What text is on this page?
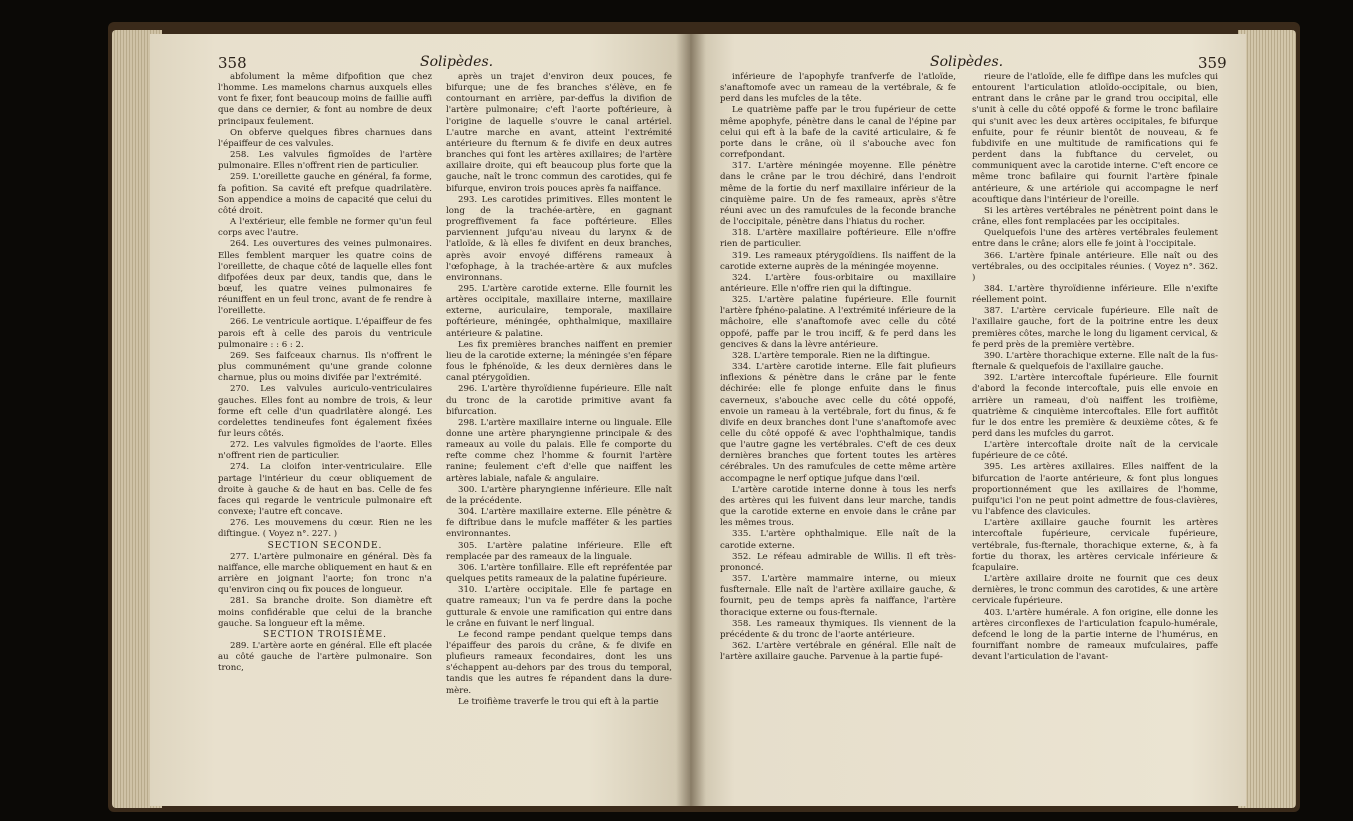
358	Solipèdes.

abfolument la même difpofition que chez l'homme. Les mamelons charnus auxquels elles vont fe fixer, font beaucoup moins de faillie auffi que dans ce dernier, & font au nombre de deux principaux feulement.

On obferve quelques fibres charnues dans l'épaiffeur de ces valvules.

258. Les valvules figmoïdes de l'artère pulmonaire. Elles n'offrent rien de particulier.

259. L'oreillette gauche en général, fa forme, fa pofition. Sa cavité eft prefque quadrilatère. Son appendice a moins de capacité que celui du côté droit.

A l'extérieur, elle femble ne former qu'un feul corps avec l'autre.

264. Les ouvertures des veines pulmonaires. Elles femblent marquer les quatre coins de l'oreillette, de chaque côté de laquelle elles font difpofées deux par deux, tandis que, dans le bœuf, les quatre veines pulmonaires fe réuniffent en un feul tronc, avant de fe rendre à l'oreillette.

266. Le ventricule aortique. L'épaiffeur de fes parois eft à celle des parois du ventricule pulmonaire : : 6 : 2.

269. Ses faifceaux charnus. Ils n'offrent le plus communément qu'une grande colonne charnue, plus ou moins divifée par l'extrémité.

270. Les valvules auriculo-ventriculaires gauches. Elles font au nombre de trois, & leur forme eft celle d'un quadrilatère alongé. Les cordelettes tendineufes font également fixées fur leurs côtés.

272. Les valvules figmoïdes de l'aorte. Elles n'offrent rien de particulier.

274. La cloifon inter-ventriculaire. Elle partage l'intérieur du cœur obliquement de droite à gauche & de haut en bas. Celle de fes faces qui regarde le ventricule pulmonaire eft convexe; l'autre eft concave.

276. Les mouvemens du cœur. Rien ne les diftingue. ( Voyez n°. 227. )

SECTION SECONDE.

277. L'artère pulmonaire en général. Dès fa naiffance, elle marche obliquement en haut & en arrière en joignant l'aorte; fon tronc n'a qu'environ cinq ou fix pouces de longueur.

281. Sa branche droite. Son diamètre eft moins confidérable que celui de la branche gauche. Sa longueur eft la même.

SECTION TROISIÈME.

289. L'artère aorte en général. Elle eft placée au côté gauche de l'artère pulmonaire. Son tronc,

après un trajet d'environ deux pouces, fe bifurque; une de fes branches s'élève, en fe contournant en arrière, par-deffus la divifion de l'artère pulmonaire; c'eft l'aorte poftérieure, à l'origine de laquelle s'ouvre le canal artériel. L'autre marche en avant, atteint l'extrémité antérieure du fternum & fe divife en deux autres branches qui font les artères axillaires; de l'artère axillaire droite, qui eft beaucoup plus forte que la gauche, naît le tronc commun des carotides, qui fe bifurque, environ trois pouces après fa naiffance.

293. Les carotides primitives. Elles montent le long de la trachée-artère, en gagnant progreffivement fa face poftérieure. Elles parviennent jufqu'au niveau du larynx & de l'atloïde, & là elles fe divifent en deux branches, après avoir envoyé différens rameaux à l'œfophage, à la trachée-artère & aux mufcles environnans.

295. L'artère carotide externe. Elle fournit les artères occipitale, maxillaire interne, maxillaire externe, auriculaire, temporale, maxillaire poftérieure, méningée, ophthalmique, maxillaire antérieure & palatine.

Les fix premières branches naiffent en premier lieu de la carotide externe; la méningée s'en fépare fous le fphénoïde, & les deux dernières dans le canal ptérygoïdien.

296. L'artère thyroïdienne fupérieure. Elle naît du tronc de la carotide primitive avant fa bifurcation.

298. L'artère maxillaire interne ou linguale. Elle donne une artère pharyngienne principale & des rameaux au voile du palais. Elle fe comporte du refte comme chez l'homme & fournit l'artère ranine; feulement c'eft d'elle que naiffent les artères labiale, nafale & angulaire.

300. L'artère pharyngienne inférieure. Elle naît de la précédente.

304. L'artère maxillaire externe. Elle pénètre & fe diftribue dans le mufcle mafféter & les parties environnantes.

305. L'artère palatine inférieure. Elle eft remplacée par des rameaux de la linguale.

306. L'artère tonfillaire. Elle eft repréfentée par quelques petits rameaux de la palatine fupérieure.

310. L'artère occipitale. Elle fe partage en quatre rameaux; l'un va fe perdre dans la poche gutturale & envoie une ramification qui entre dans le crâne en fuivant le nerf lingual.

Le fecond rampe pendant quelque temps dans l'épaiffeur des parois du crâne, & fe divife en plufieurs rameaux fecondaires, dont les uns s'échappent au-dehors par des trous du temporal, tandis que les autres fe répandent dans la dure-mère.

Le troifième traverfe le trou qui eft à la partie

Solipèdes.	359

inférieure de l'apophyfe tranfverfe de l'atloïde, s'anaftomofe avec un rameau de la vertébrale, & fe perd dans les mufcles de la tête.

Le quatrième paffe par le trou fupérieur de cette même apophyfe, pénètre dans le canal de l'épine par celui qui eft à la bafe de la cavité articulaire, & fe porte dans le crâne, où il s'abouche avec fon correfpondant.

317. L'artère méningée moyenne. Elle pénètre dans le crâne par le trou déchiré, dans l'endroit même de la fortie du nerf maxillaire inférieur de la cinquième paire. Un de fes rameaux, après s'être réuni avec un des ramufcules de la feconde branche de l'occipitale, pénètre dans l'hiatus du rocher.

318. L'artère maxillaire poftérieure. Elle n'offre rien de particulier.

319. Les rameaux ptérygoïdiens. Ils naiffent de la carotide externe auprès de la méningée moyenne.

324. L'artère fous-orbitaire ou maxillaire antérieure. Elle n'offre rien qui la diftingue.

325. L'artère palatine fupérieure. Elle fournit l'artère fphéno-palatine. A l'extrémité inférieure de la mâchoire, elle s'anaftomofe avec celle du côté oppofé, paffe par le trou inciff, & fe perd dans les gencives & dans la lèvre antérieure.

328. L'artère temporale. Rien ne la diftingue.

334. L'artère carotide interne. Elle fait plufieurs inflexions & pénètre dans le crâne par le fente déchirée: elle fe plonge enfuite dans le finus caverneux, s'abouche avec celle du côté oppofé, envoie un rameau à la vertébrale, fort du finus, & fe divife en deux branches dont l'une s'anaftomofe avec celle du côté oppofé & avec l'ophthalmique, tandis que l'autre gagne les vertébrales. C'eft de ces deux dernières branches que fortent toutes les artères cérébrales. Un des ramufcules de cette même artère accompagne le nerf optique jufque dans l'œil.

L'artère carotide interne donne à tous les nerfs des artères qui les fuivent dans leur marche, tandis que la carotide externe en envoie dans le crâne par les mêmes trous.

335. L'artère ophthalmique. Elle naît de la carotide externe.

352. Le réfeau admirable de Willis. Il eft très-prononcé.

357. L'artère mammaire interne, ou mieux fusfternale. Elle naît de l'artère axillaire gauche, & fournit, peu de temps après fa naiffance, l'artère thoracique externe ou fous-fternale.

358. Les rameaux thymiques. Ils viennent de la précédente & du tronc de l'aorte antérieure.

362. L'artère vertébrale en général. Elle naît de l'artère axillaire gauche. Parvenue à la partie fupé-

rieure de l'atloïde, elle fe diffipe dans les mufcles qui entourent l'articulation atloïdo-occipitale, ou bien, entrant dans le crâne par le grand trou occipital, elle s'unit à celle du côté oppofé & forme le tronc bafilaire qui s'unit avec les deux artères occipitales, fe bifurque enfuite, pour fe réunir bientôt de nouveau, & fe fubdivife en une multitude de ramifications qui fe perdent dans la fubftance du cervelet, ou communiquent avec la carotide interne. C'eft encore ce même tronc bafilaire qui fournit l'artère fpinale antérieure, & une artériole qui accompagne le nerf acouftique dans l'intérieur de l'oreille.

Si les artères vertébrales ne pénètrent point dans le crâne, elles font remplacées par les occipitales.

Quelquefois l'une des artères vertébrales feulement entre dans le crâne; alors elle fe joint à l'occipitale.

366. L'artère fpinale antérieure. Elle naît ou des vertébrales, ou des occipitales réunies. ( Voyez n°. 362. )

384. L'artère thyroïdienne inférieure. Elle n'exifte réellement point.

387. L'artère cervicale fupérieure. Elle naît de l'axillaire gauche, fort de la poitrine entre les deux premières côtes, marche le long du ligament cervical, & fe perd près de la première vertèbre.

390. L'artère thorachique externe. Elle naît de la fus-fternale & quelquefois de l'axillaire gauche.

392. L'artère intercoftale fupérieure. Elle fournit d'abord la feconde intercoftale, puis elle envoie en arrière un rameau, d'où naiffent les troifième, quatrième & cinquième intercoftales. Elle fort auffitôt fur le dos entre les première & deuxième côtes, & fe perd dans les mufcles du garrot.

L'artère intercoftale droite naît de la cervicale fupérieure de ce côté.

395. Les artères axillaires. Elles naiffent de la bifurcation de l'aorte antérieure, & font plus longues proportionnément que les axillaires de l'homme, puifqu'ici l'on ne peut point admettre de fous-clavières, vu l'abfence des clavicules.

L'artère axillaire gauche fournit les artères intercoftale fupérieure, cervicale fupérieure, vertébrale, fus-fternale, thorachique externe, &, à fa fortie du thorax, les artères cervicale inférieure & fcapulaire.

L'artère axillaire droite ne fournit que ces deux dernières, le tronc commun des carotides, & une artère cervicale fupérieure.

403. L'artère humérale. A fon origine, elle donne les artères circonflexes de l'articulation fcapulo-humérale, defcend le long de la partie interne de l'humérus, en fourniffant nombre de rameaux mufculaires, paffe devant l'articulation de l'avant-
